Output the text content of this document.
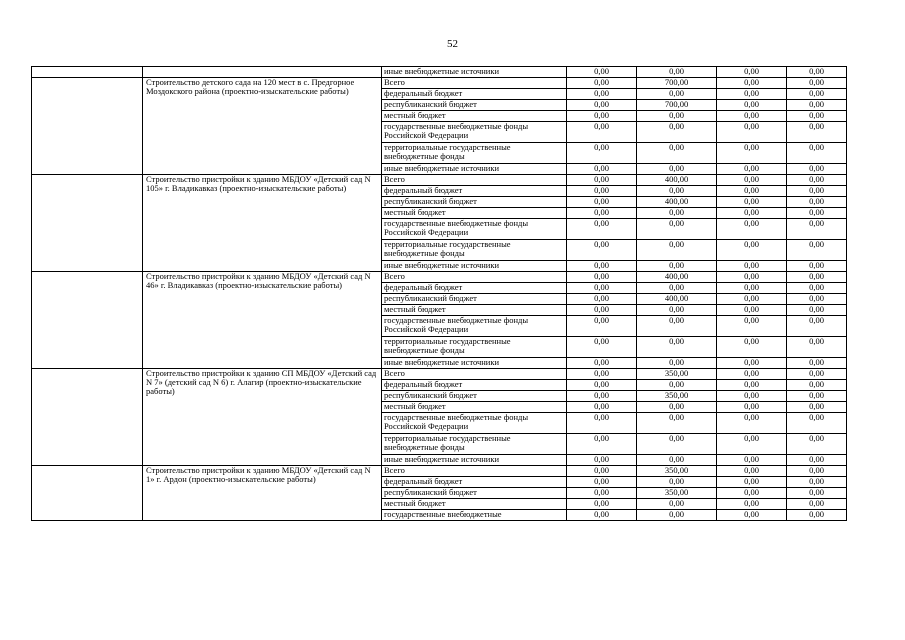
52
		иные внебюджетные источники	0,00	0,00	0,00	0,00
	Строительство детского сада на 120 мест в с. Предгорное Моздокского района (проектно-изыскательские работы)	Всего	0,00	700,00	0,00	0,00
		федеральный бюджет	0,00	0,00	0,00	0,00
		республиканский бюджет	0,00	700,00	0,00	0,00
		местный бюджет	0,00	0,00	0,00	0,00
		государственные внебюджетные фонды Российской Федерации	0,00	0,00	0,00	0,00
		территориальные государственные внебюджетные фонды	0,00	0,00	0,00	0,00
		иные внебюджетные источники	0,00	0,00	0,00	0,00
	Строительство пристройки к зданию МБДОУ «Детский сад N 105» г. Владикавказ (проектно-изыскательские работы)	Всего	0,00	400,00	0,00	0,00
		федеральный бюджет	0,00	0,00	0,00	0,00
		республиканский бюджет	0,00	400,00	0,00	0,00
		местный бюджет	0,00	0,00	0,00	0,00
		государственные внебюджетные фонды Российской Федерации	0,00	0,00	0,00	0,00
		территориальные государственные внебюджетные фонды	0,00	0,00	0,00	0,00
		иные внебюджетные источники	0,00	0,00	0,00	0,00
	Строительство пристройки к зданию МБДОУ «Детский сад N 46» г. Владикавказ (проектно-изыскательские работы)	Всего	0,00	400,00	0,00	0,00
		федеральный бюджет	0,00	0,00	0,00	0,00
		республиканский бюджет	0,00	400,00	0,00	0,00
		местный бюджет	0,00	0,00	0,00	0,00
		государственные внебюджетные фонды Российской Федерации	0,00	0,00	0,00	0,00
		территориальные государственные внебюджетные фонды	0,00	0,00	0,00	0,00
		иные внебюджетные источники	0,00	0,00	0,00	0,00
	Строительство пристройки к зданию СП МБДОУ «Детский сад N 7» (детский сад N 6) г. Алагир (проектно-изыскательские работы)	Всего	0,00	350,00	0,00	0,00
		федеральный бюджет	0,00	0,00	0,00	0,00
		республиканский бюджет	0,00	350,00	0,00	0,00
		местный бюджет	0,00	0,00	0,00	0,00
		государственные внебюджетные фонды Российской Федерации	0,00	0,00	0,00	0,00
		территориальные государственные внебюджетные фонды	0,00	0,00	0,00	0,00
		иные внебюджетные источники	0,00	0,00	0,00	0,00
	Строительство пристройки к зданию МБДОУ «Детский сад N 1» г. Ардон (проектно-изыскательские работы)	Всего	0,00	350,00	0,00	0,00
		федеральный бюджет	0,00	0,00	0,00	0,00
		республиканский бюджет	0,00	350,00	0,00	0,00
		местный бюджет	0,00	0,00	0,00	0,00
		государственные внебюджетные	0,00	0,00	0,00	0,00
